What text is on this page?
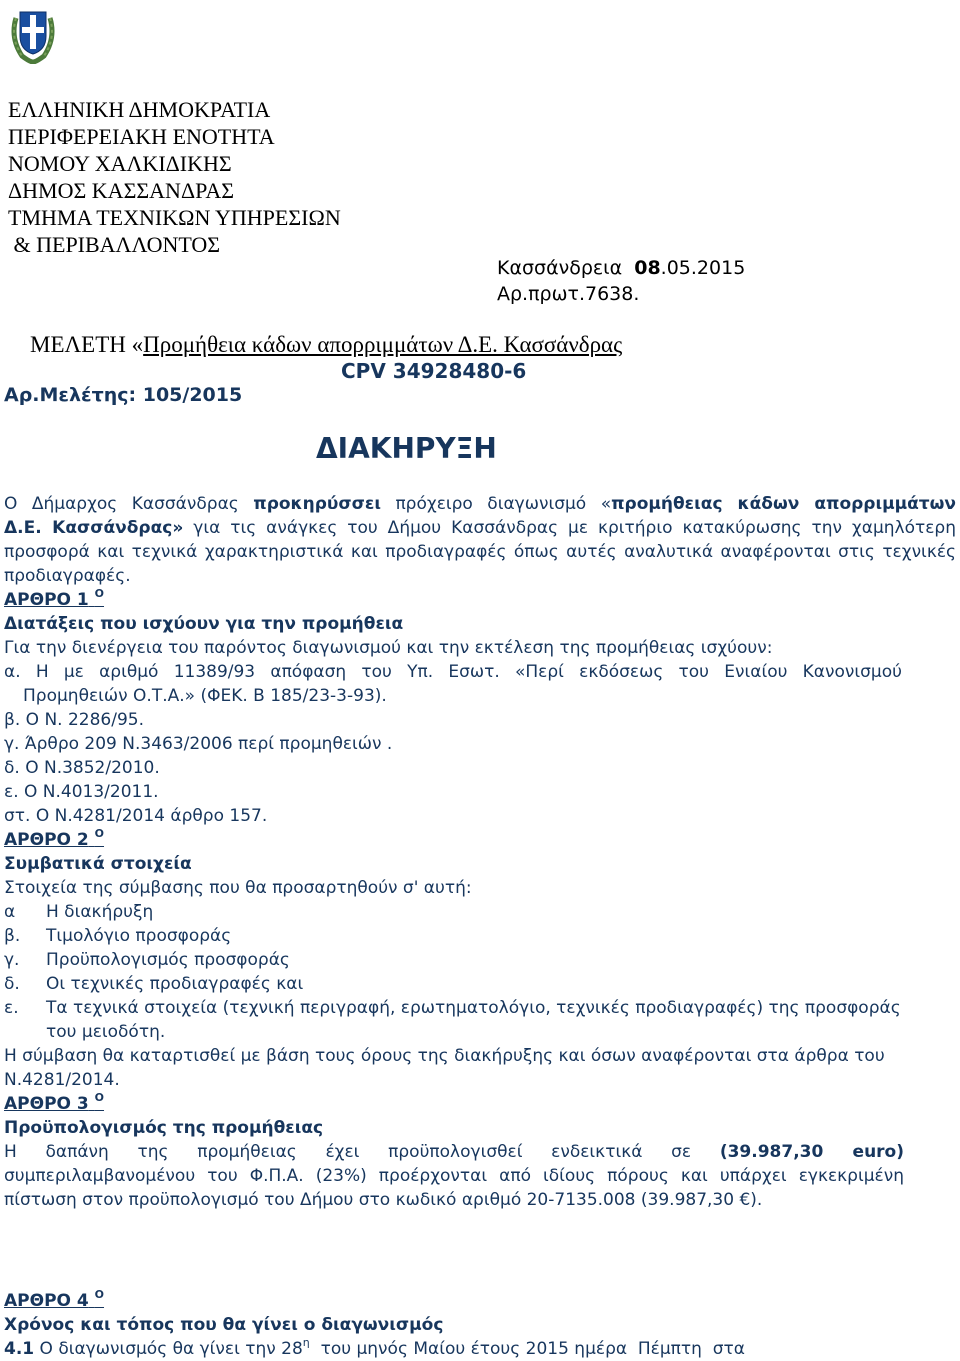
ΕΛΛΗΝΙΚΗ ΔΗΜΟΚΡΑΤΙΑ
ΠΕΡΙΦΕΡΕΙΑΚΗ ΕΝΟΤΗΤΑ
ΝΟΜΟΥ ΧΑΛΚΙΔΙΚΗΣ
ΔΗΜΟΣ ΚΑΣΣΑΝΔΡΑΣ
ΤΜΗΜΑ ΤΕΧΝΙΚΩΝ ΥΠΗΡΕΣΙΩΝ
& ΠΕΡΙΒΑΛΛΟΝΤΟΣ
Κασσάνδρεια 08.05.2015
Αρ.πρωτ.7638.
ΜΕΛΕΤΗ «Προμήθεια κάδων απορριμμάτων Δ.Ε. Κασσάνδρας
CPV 34928480-6
Αρ.Μελέτης: 105/2015
ΔΙΑΚΗΡΥΞΗ
Ο Δήμαρχος Κασσάνδρας προκηρύσσει πρόχειρο διαγωνισμό «προμήθειας κάδων απορριμμάτων
Δ.Ε. Κασσάνδρας» για τις ανάγκες του Δήμου Κασσάνδρας με κριτήριο κατακύρωσης την χαμηλότερη
προσφορά και τεχνικά χαρακτηριστικά και προδιαγραφές όπως αυτές αναλυτικά αναφέρονται στις τεχνικές
προδιαγραφές.
ΑΡΘΡΟ 1 $^O$
Διατάξεις που ισχύουν για την προμήθεια
Για την διενέργεια του παρόντος διαγωνισμού και την εκτέλεση της προμήθειας ισχύουν:
α. Η με αριθμό 11389/93 απόφαση του Υπ. Εσωτ. «Περί εκδόσεως του Ενιαίου Κανονισμού
Προμηθειών Ο.Τ.Α.» (ΦΕΚ. Β 185/23-3-93).
β. Ο Ν. 2286/95.
γ. Άρθρο 209 Ν.3463/2006 περί προμηθειών .
δ. Ο Ν.3852/2010.
ε. Ο Ν.4013/2011.
στ. Ο Ν.4281/2014 άρθρο 157.
ΑΡΘΡΟ 2 $^O$
Συμβατικά στοιχεία
Στοιχεία της σύμβασης που θα προσαρτηθούν σ' αυτή:
α Η διακήρυξη
β. Τιμολόγιο προσφοράς
γ. Προϋπολογισμός προσφοράς
δ. Οι τεχνικές προδιαγραφές και
ε. Τα τεχνικά στοιχεία (τεχνική περιγραφή, ερωτηματολόγιο, τεχνικές προδιαγραφές) της προσφοράς
του μειοδότη.
Η σύμβαση θα καταρτισθεί με βάση τους όρους της διακήρυξης και όσων αναφέρονται στα άρθρα του
Ν.4281/2014.
ΑΡΘΡΟ 3 $^O$
Προϋπολογισμός της προμήθειας
Η δαπάνη της προμήθειας έχει προϋπολογισθεί ενδεικτικά σε (39.987,30 euro)
συμπεριλαμβανομένου του Φ.Π.Α. (23%) προέρχονται από ιδίους πόρους και υπάρχει εγκεκριμένη
πίστωση στον προϋπολογισμό του Δήμου στο κωδικό αριθμό 20-7135.008 (39.987,30 €).
ΑΡΘΡΟ 4 $^O$
Χρόνος και τόπος που θα γίνει ο διαγωνισμός
4.1 Ο διαγωνισμός θα γίνει την $28^\eta$  του μηνός Μαίου έτους 2015 ημέρα  Πέμπτη  στα
